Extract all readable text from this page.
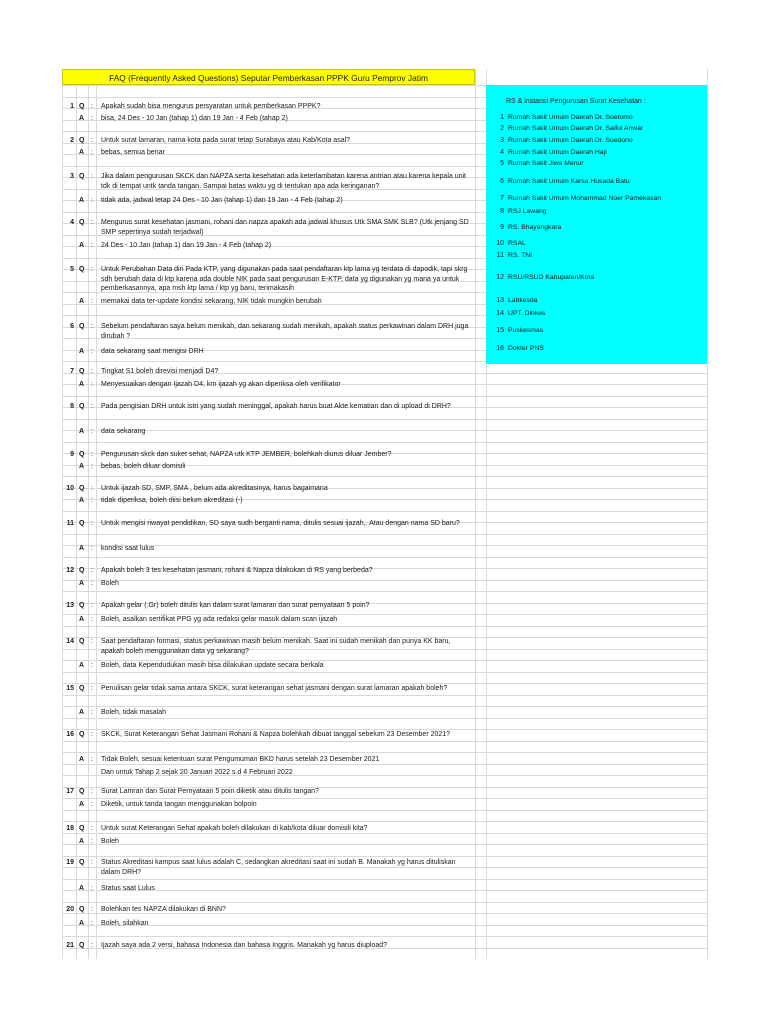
FAQ (Frequently Asked Questions) Seputar Pemberkasan PPPK Guru Pemprov Jatim
RS & instansi Pengurusan Surat Kesehatan :
1 Q : Apakah sudah bisa mengurus persyaratan untuk pemberkasan PPPK?
A : bisa, 24 Des - 10 Jan (tahap 1) dan 19 Jan - 4 Feb (tahap 2)
2 Q : Untuk surat lamaran, nama kota pada surat tetap Surabaya atau Kab/Kota asal?
A : bebas, semua benar
3 Q : Jika dalam pengurusan SKCK dan NAPZA serta kesehatan ada keterlambatan karena antrian atau karena kepala unit tdk di tempat untk tanda tangan. Sampai batas waktu yg di tentukan apa ada keringanan?
A : tidak ada, jadwal tetap 24 Des - 10 Jan (tahap 1) dan 19 Jan - 4 Feb (tahap 2)
4 Q : Mengurus surat kesehatan jasmani, rohani dan napza apakah ada jadwal khusus Utk SMA SMK SLB? (Utk jenjang SD SMP sepertinya sudah terjadwal)
A : 24 Des - 10 Jan (tahap 1) dan 19 Jan - 4 Feb (tahap 2)
5 Q : Untuk Perubahan Data diri Pada KTP, yang digunakan pada saat pendaftaran ktp lama yg terdata di dapodik, tapi skrg sdh berubah data di ktp karena ada double NIK pada saat pengurusan E-KTP, data yg digunakan yg mana ya untuk pemberkasannya, apa msh ktp lama / ktp yg baru, terimakasih
A : memakai data ter-update kondisi sekarang, NIK tidak mungkin berubah
6 Q : Sebelum pendaftaran saya belum menikah, dan sekarang sudah menikah, apakah status perkawinan dalam DRH juga dirubah ?
A : data sekarang saat mengisi DRH
7 Q : Tingkat S1 boleh direvisi menjadi D4?
A : Menyesuaikan dengan Ijazah D4, krn ijazah yg akan diperiksa oleh verifikator
8 Q : Pada pengisian DRH untuk istri yang sudah meninggal, apakah harus buat Akte kematian dan di upload di DRH?
A : data sekarang
9 Q : Pengurusan skck dan suket sehat, NAPZA utk KTP JEMBER, bolehkah diurus diluar Jember?
A : bebas, boleh diluar domisili
10 Q : Untuk ijazah SD, SMP, SMA , belum ada akreditasinya, harus bagaimana
A : tidak diperiksa, boleh diisi belum akreditasi (-)
11 Q : Untuk mengisi riwayat pendidikan, SD saya sudh berganti nama, ditulis sesuai ijazah,. Atau dengan nama SD baru?
A : kondisi saat lulus
12 Q : Apakah boleh 3 tes kesehatan jasmani, rohani & Napza dilakukan di RS yang berbeda?
A : Boleh
13 Q : Apakah gelar (.Gr) boleh ditulis kan dalam surat lamaran dan surat pernyataan 5 poin?
A : Boleh, asalkan sertifikat PPG yg ada redaksi gelar masuk dalam scan ijazah
14 Q : Saat pendaftaran formasi, status perkawinan masih belum menikah. Saat ini sudah menikah dan punya KK baru, apakah boleh menggunakan data yg sekarang?
A : Boleh, data Kependudukan masih bisa dilakukan update secara berkala
15 Q : Penulisan gelar tidak sama antara SKCK, surat keterangan sehat jasmani dengan surat lamaran apakah boleh?
A : Boleh, tidak masalah
16 Q : SKCK, Surat Keterangan Sehat Jasmani Rohani & Napza bolehkah dibuat tanggal sebelum 23 Desember 2021?
A : Tidak Boleh, sesuai ketentuan surat Pengumuman BKD harus setelah 23 Desember 2021
Dan untuk Tahap 2 sejak 20 Januari 2022 s.d 4 Februari 2022
17 Q : Surat Lamran dan Surat Pernyataan 5 poin diketik atau ditulis tangan?
A : Diketik, untuk tanda tangan menggunakan bolpoin
18 Q : Untuk surat Keterangan Sehat apakah boleh dilakukan di kab/kota diluar domisili kita?
A : Boleh
19 Q : Status Akreditasi kampus saat lulus adalah C, sedangkan akreditasi saat ini sudah B. Manakah yg harus dituliskan dalam DRH?
A : Status saat Lulus
20 Q : Bolehkan tes NAPZA dilakukan di BNN?
A : Boleh, silahkan
21 Q : Ijazah saya ada 2 versi, bahasa Indonesia dan bahasa Inggris. Manakah yg harus diupload?
1 Rumah Sakit Umum Daerah Dr. Soetomo
2 Rumah Sakit Umum Daerah Dr. Saiful Anwar
3 Rumah Sakit Umum Daerah Dr. Soedono
4 Rumah Sakit Umum Daerah Haji
5 Rumah Sakit Jiwa Menur
6 Rumah Sakit Umum Karsa Husada Batu
7 Rumah Sakit Umum Mohammad Noer Pamekasan
8 RSJ Lawang
9 RS. Bhayangkara
10 RSAL
11 RS. TNI
12 RSU/RSUD Kabupaten/Kota
13 Labkesda
14 UPT. Dinkes
15 Puskesmas
16 Dokter PNS
